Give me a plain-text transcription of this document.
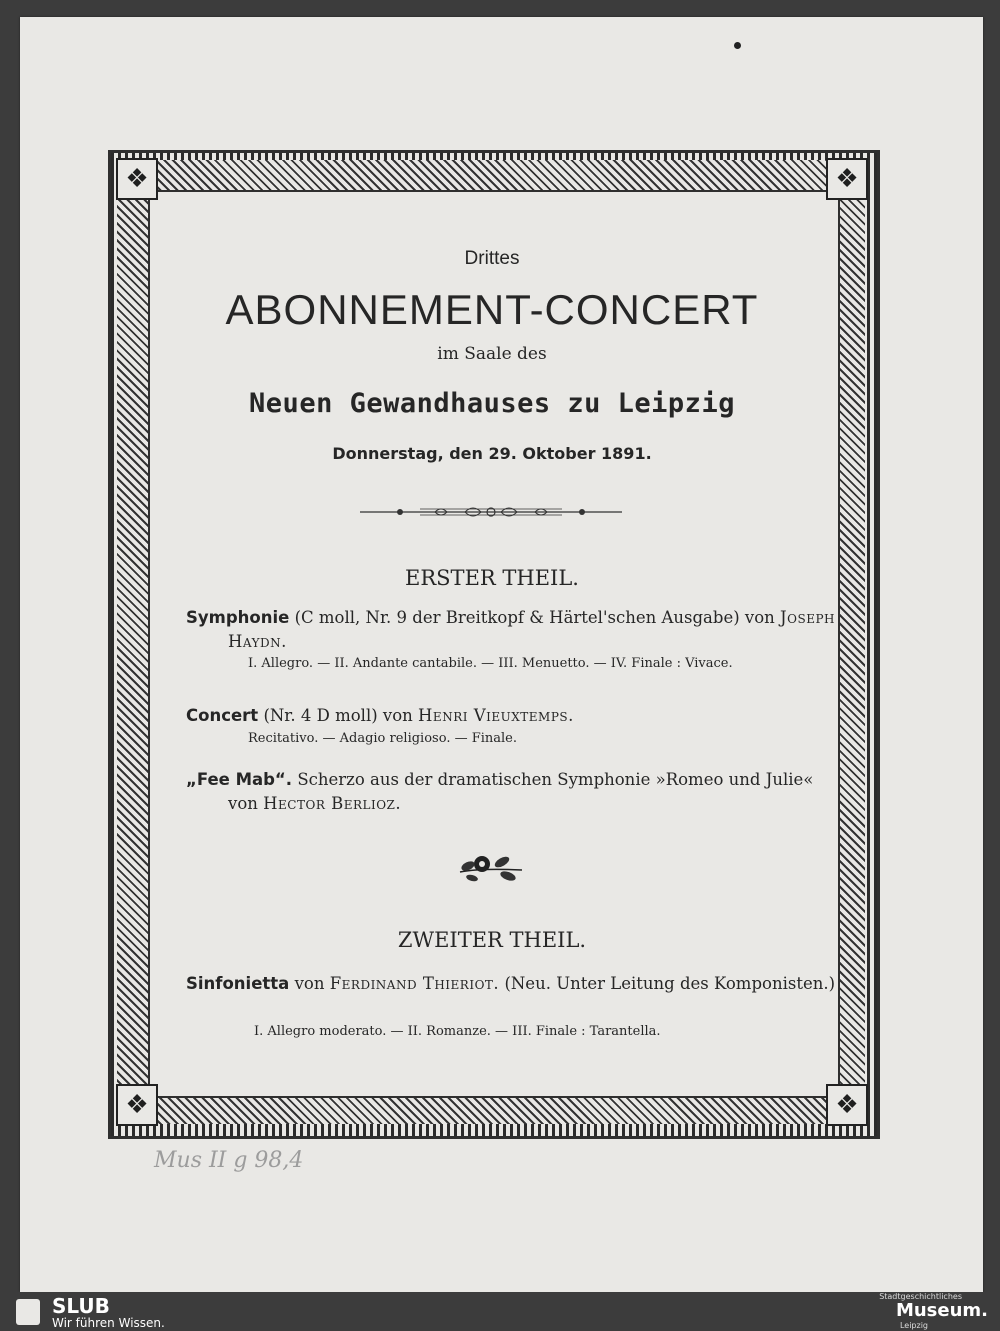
❖	❖
❖	❖
Drittes
ABONNEMENT-CONCERT
im Saale des
Neuen Gewandhauses zu Leipzig
Donnerstag, den 29. Oktober 1891.
ERSTER THEIL.
Symphonie (C moll, Nr. 9 der Breitkopf & Härtel'schen Ausgabe) von Joseph Haydn.
I. Allegro. — II. Andante cantabile. — III. Menuetto. — IV. Finale : Vivace.
Concert (Nr. 4 D moll) von Henri Vieuxtemps.
Recitativo. — Adagio religioso. — Finale.
„Fee Mab“. Scherzo aus der dramatischen Symphonie »Romeo und Julie« von Hector Berlioz.
ZWEITER THEIL.
Sinfonietta von Ferdinand Thieriot. (Neu. Unter Leitung des Komponisten.)
I. Allegro moderato. — II. Romanze. — III. Finale : Tarantella.
Mus II g 98,4
SLUB
Wir führen Wissen.
Stadtgeschichtliches
Museum.
Leipzig
